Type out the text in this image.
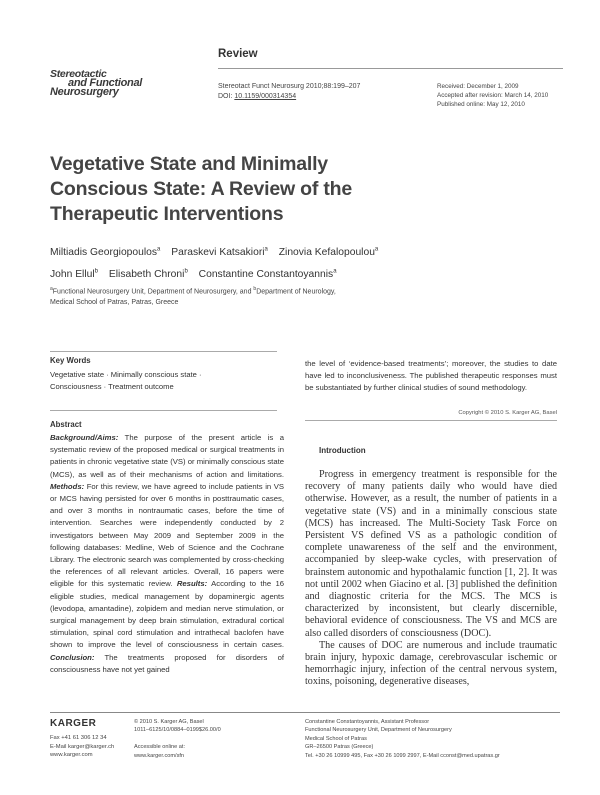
Review
Stereotactic
and Functional
Neurosurgery	Stereotact Funct Neurosurg 2010;88:199–207
DOI: 10.1159/000314354
Received: December 1, 2009
Accepted after revision: March 14, 2010
Published online: May 12, 2010
Vegetative State and Minimally
Conscious State: A Review of the
Therapeutic Interventions
Miltiadis Georgiopoulos$^a$ Paraskevi Katsakiori$^a$ Zinovia Kefalopoulou$^a$
John Ellul$^b$ Elisabeth Chroni$^b$ Constantine Constantoyannis$^a$
$^a$Functional Neurosurgery Unit, Department of Neurosurgery, and $^b$Department of Neurology,
Medical School of Patras, Patras, Greece
Key Words
Vegetative state · Minimally conscious state ·
Consciousness · Treatment outcome
Abstract
Background/Aims: The purpose of the present article is a systematic review of the proposed medical or surgical treatments in patients in chronic vegetative state (VS) or minimally conscious state (MCS), as well as of their mechanisms of action and limitations. Methods: For this review, we have agreed to include patients in VS or MCS having persisted for over 6 months in posttraumatic cases, and over 3 months in nontraumatic cases, before the time of intervention. Searches were independently conducted by 2 investigators between May 2009 and September 2009 in the following databases: Medline, Web of Science and the Cochrane Library. The electronic search was complemented by cross-checking the references of all relevant articles. Overall, 16 papers were eligible for this systematic review. Results: According to the 16 eligible studies, medical management by dopaminergic agents (levodopa, amantadine), zolpidem and median nerve stimulation, or surgical management by deep brain stimulation, extradural cortical stimulation, spinal cord stimulation and intrathecal baclofen have shown to improve the level of consciousness in certain cases. Conclusion: The treatments proposed for disorders of consciousness have not yet gained
the level of ‘evidence-based treatments’; moreover, the studies to date have led to inconclusiveness. The published therapeutic responses must be substantiated by further clinical studies of sound methodology.
Copyright © 2010 S. Karger AG, Basel
Introduction

Progress in emergency treatment is responsible for the recovery of many patients daily who would have died otherwise. However, as a result, the number of patients in a vegetative state (VS) and in a minimally conscious state (MCS) has increased. The Multi-Society Task Force on Persistent VS defined VS as a pathologic condition of complete unawareness of the self and the environment, accompanied by sleep-wake cycles, with preservation of brainstem autonomic and hypothalamic function [1, 2]. It was not until 2002 when Giacino et al. [3] published the definition and diagnostic criteria for the MCS. The MCS is characterized by inconsistent, but clearly discernible, behavioral evidence of consciousness. The VS and MCS are also called disorders of consciousness (DOC).

The causes of DOC are numerous and include traumatic brain injury, hypoxic damage, cerebrovascular ischemic or hemorrhagic injury, infection of the central nervous system, toxins, poisoning, degenerative diseases,

KARGER
Fax +41 61 306 12 34
E-Mail karger@karger.ch
www.karger.com
© 2010 S. Karger AG, Basel
1011–6125/10/0884–0199$26.00/0
Accessible online at:
www.karger.com/sfn
Constantine Constantoyannis, Assistant Professor
Functional Neurosurgery Unit, Department of Neurosurgery
Medical School of Patras
GR–26500 Patras (Greece)
Tel. +30 26 10999 495, Fax +30 26 1099 2997, E-Mail cconst@med.upatras.gr
